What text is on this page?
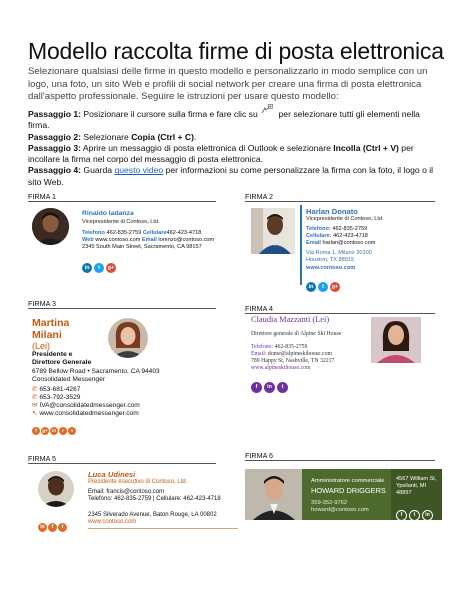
Modello raccolta firme di posta elettronica
Selezionare qualsiasi delle firme in questo modello e personalizzarlo in modo semplice con un logo, una foto, un sito Web e profili di social network per creare una firma di posta elettronica dall'aspetto professionale. Seguire le istruzioni per usare questo modello:
Passaggio 1: Posizionare il cursore sulla firma e fare clic su  per selezionare tutti gli elementi nella firma.
Passaggio 2: Selezionare Copia (Ctrl + C).
Passaggio 3: Aprire un messaggio di posta elettronica di Outlook e selezionare Incolla (Ctrl + V) per incollare la firma nel corpo del messaggio di posta elettronica.
Passaggio 4: Guarda questo video per informazioni su come personalizzare la firma con la foto, il logo o il sito Web.
FIRMA 1
Rinaldo Iadanza
Vicepresidente di Contoso, Ltd.
Telefono 462-835-2759 Cellulare462-423-4718
Web www.contoso.com Email lorenzo@contoso.com
2345 South Main Street, Sacramento, CA 98157
in t g+
FIRMA 2
Harlan Donato
Vicepresidente di Contoso, Ltd.
Telefono: 462-835-2759
Cellulare: 462-423-4718
Email harlan@contoso.com
Via Roma 1, Milano 20100
Houston, TX 88915
www.contoso.com
in t g+
FIRMA 3
Martina
Milani
(Lei)
Presidente e
Direttore Generale
6789 Bellow Road • Sacramento, CA 94403
Consolidated Messenger
✆ 653-681-4267
✆ 653-792-3529
✉ IVA@consolidatedmessenger.com
↖ www.consolidatedmessenger.com
f g+ in r t
FIRMA 4
Claudia Mazzanti (Lei)
Direttore generale di Alpine Ski House
Telefono: 462-835-2759
Email: dome@alpineskihouse.com
789 Happy St, Nashville, TN 32217
www.alpineskihouse.com
f in t
FIRMA 5
in f t
Luca Udinesi
Presidente esecutivo di Contoso, Ltd.
Email: francis@contoso.com
Telefono: 462-835-2759 | Cellulare: 462-423-4718
2345 Silverado Avenue, Baton Rouge, LA 00802
www.contoso.com
FIRMA 6
Amministratore commerciale
HOWARD DRIGGERS
359-952-9762
howard@contoso.com
4567 William St,
Ypsilanti, MI
48897
f t in
